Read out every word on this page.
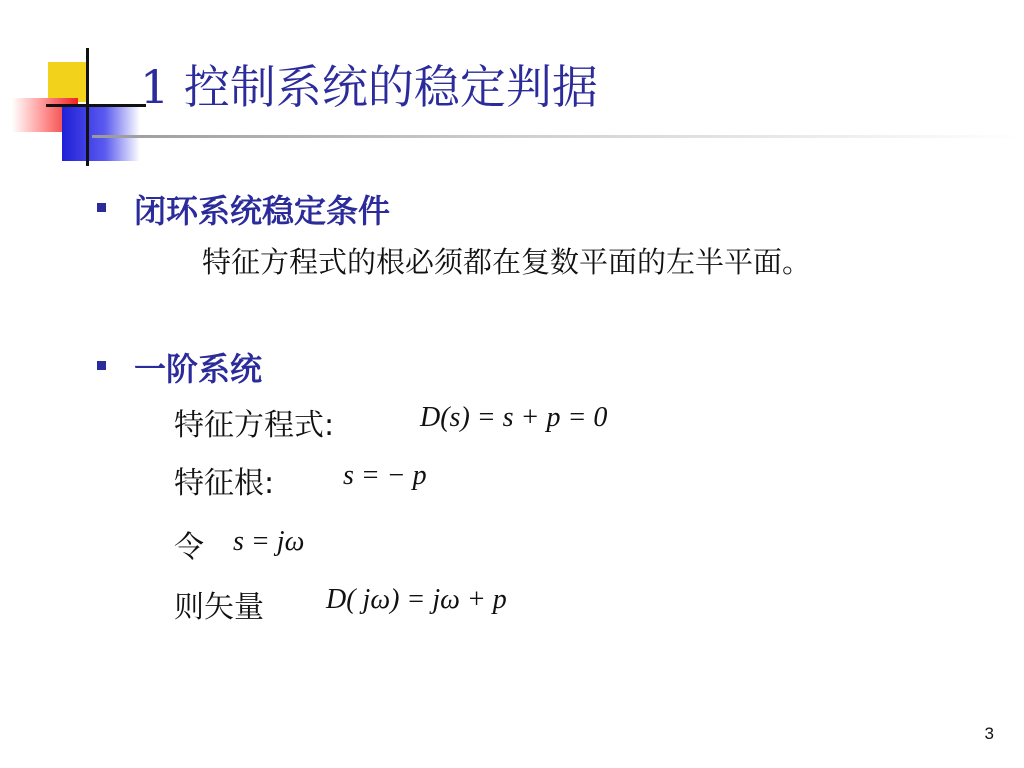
1 控制系统的稳定判据
闭环系统稳定条件
特征方程式的根必须都在复数平面的左半平面。
一阶系统
特征方程式:	D(s) = s + p = 0
特征根: s = − p
令 s = jω
则矢量 D( jω) = jω + p
3
